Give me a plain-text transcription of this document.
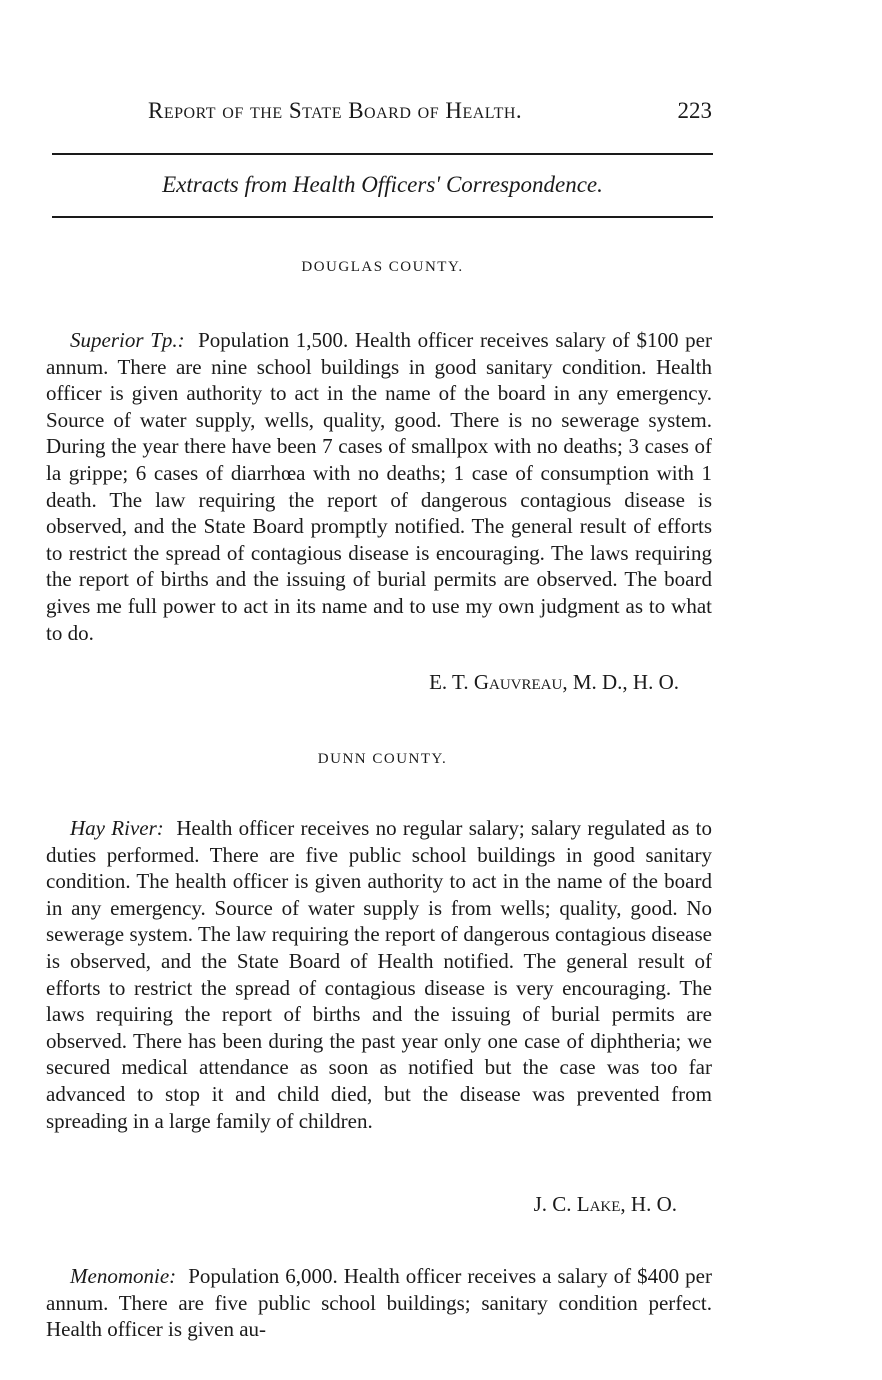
Report of the State Board of Health.	223
Extracts from Health Officers' Correspondence.
DOUGLAS COUNTY.

Superior Tp.: Population 1,500. Health officer receives salary of $100 per annum. There are nine school buildings in good sanitary condition. Health officer is given authority to act in the name of the board in any emergency. Source of water supply, wells, quality, good. There is no sewerage system. During the year there have been 7 cases of smallpox with no deaths; 3 cases of la grippe; 6 cases of diarrhœa with no deaths; 1 case of consumption with 1 death. The law requiring the report of dangerous contagious disease is observed, and the State Board promptly notified. The general result of efforts to restrict the spread of contagious disease is encouraging. The laws requiring the report of births and the issuing of burial permits are observed. The board gives me full power to act in its name and to use my own judgment as to what to do.

E. T. Gauvreau, M. D., H. O.
DUNN COUNTY.

Hay River: Health officer receives no regular salary; salary regulated as to duties performed. There are five public school buildings in good sanitary condition. The health officer is given authority to act in the name of the board in any emergency. Source of water supply is from wells; quality, good. No sewerage system. The law requiring the report of dangerous contagious disease is observed, and the State Board of Health notified. The general result of efforts to restrict the spread of contagious disease is very encouraging. The laws requiring the report of births and the issuing of burial permits are observed. There has been during the past year only one case of diphtheria; we secured medical attendance as soon as notified but the case was too far advanced to stop it and child died, but the disease was prevented from spreading in a large family of children.

J. C. Lake, H. O.

Menomonie: Population 6,000. Health officer receives a salary of $400 per annum. There are five public school buildings; sanitary condition perfect. Health officer is given au-
